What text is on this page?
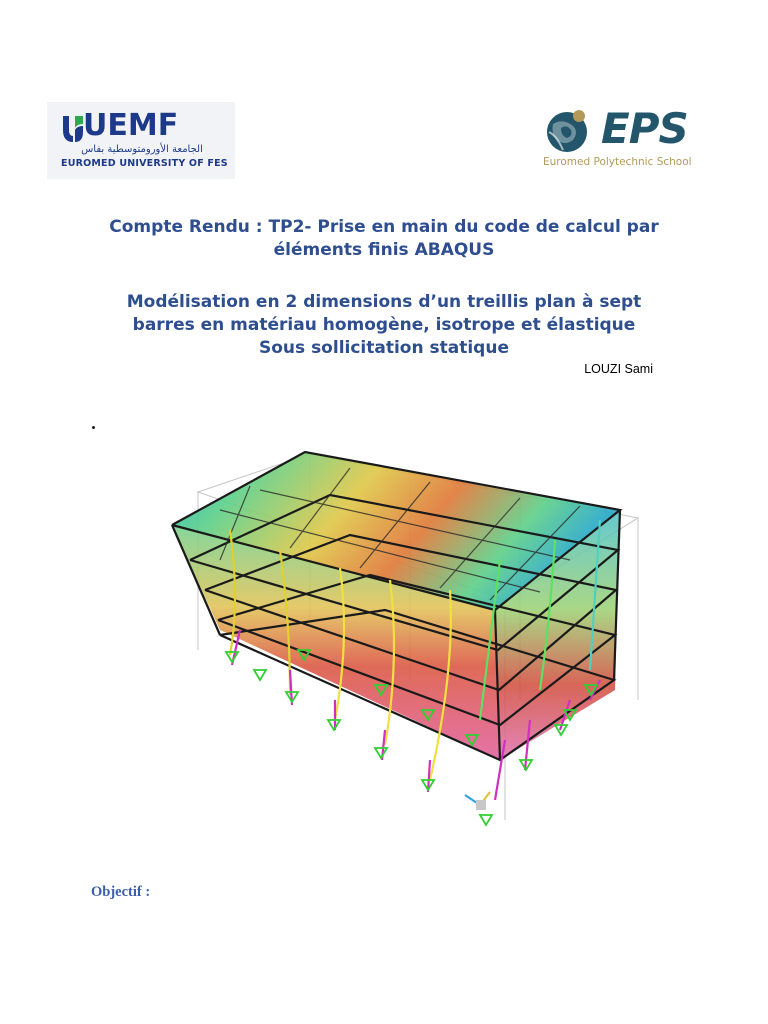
UEMF
الجامعة الأورومتوسطية بفاس
EUROMED UNIVERSITY OF FES
EPS
Euromed Polytechnic School
Compte Rendu : TP2- Prise en main du code de calcul par
éléments finis ABAQUS
Modélisation en 2 dimensions d’un treillis plan à sept
barres en matériau homogène, isotrope et élastique
Sous sollicitation statique
LOUZI Sami
Objectif :
